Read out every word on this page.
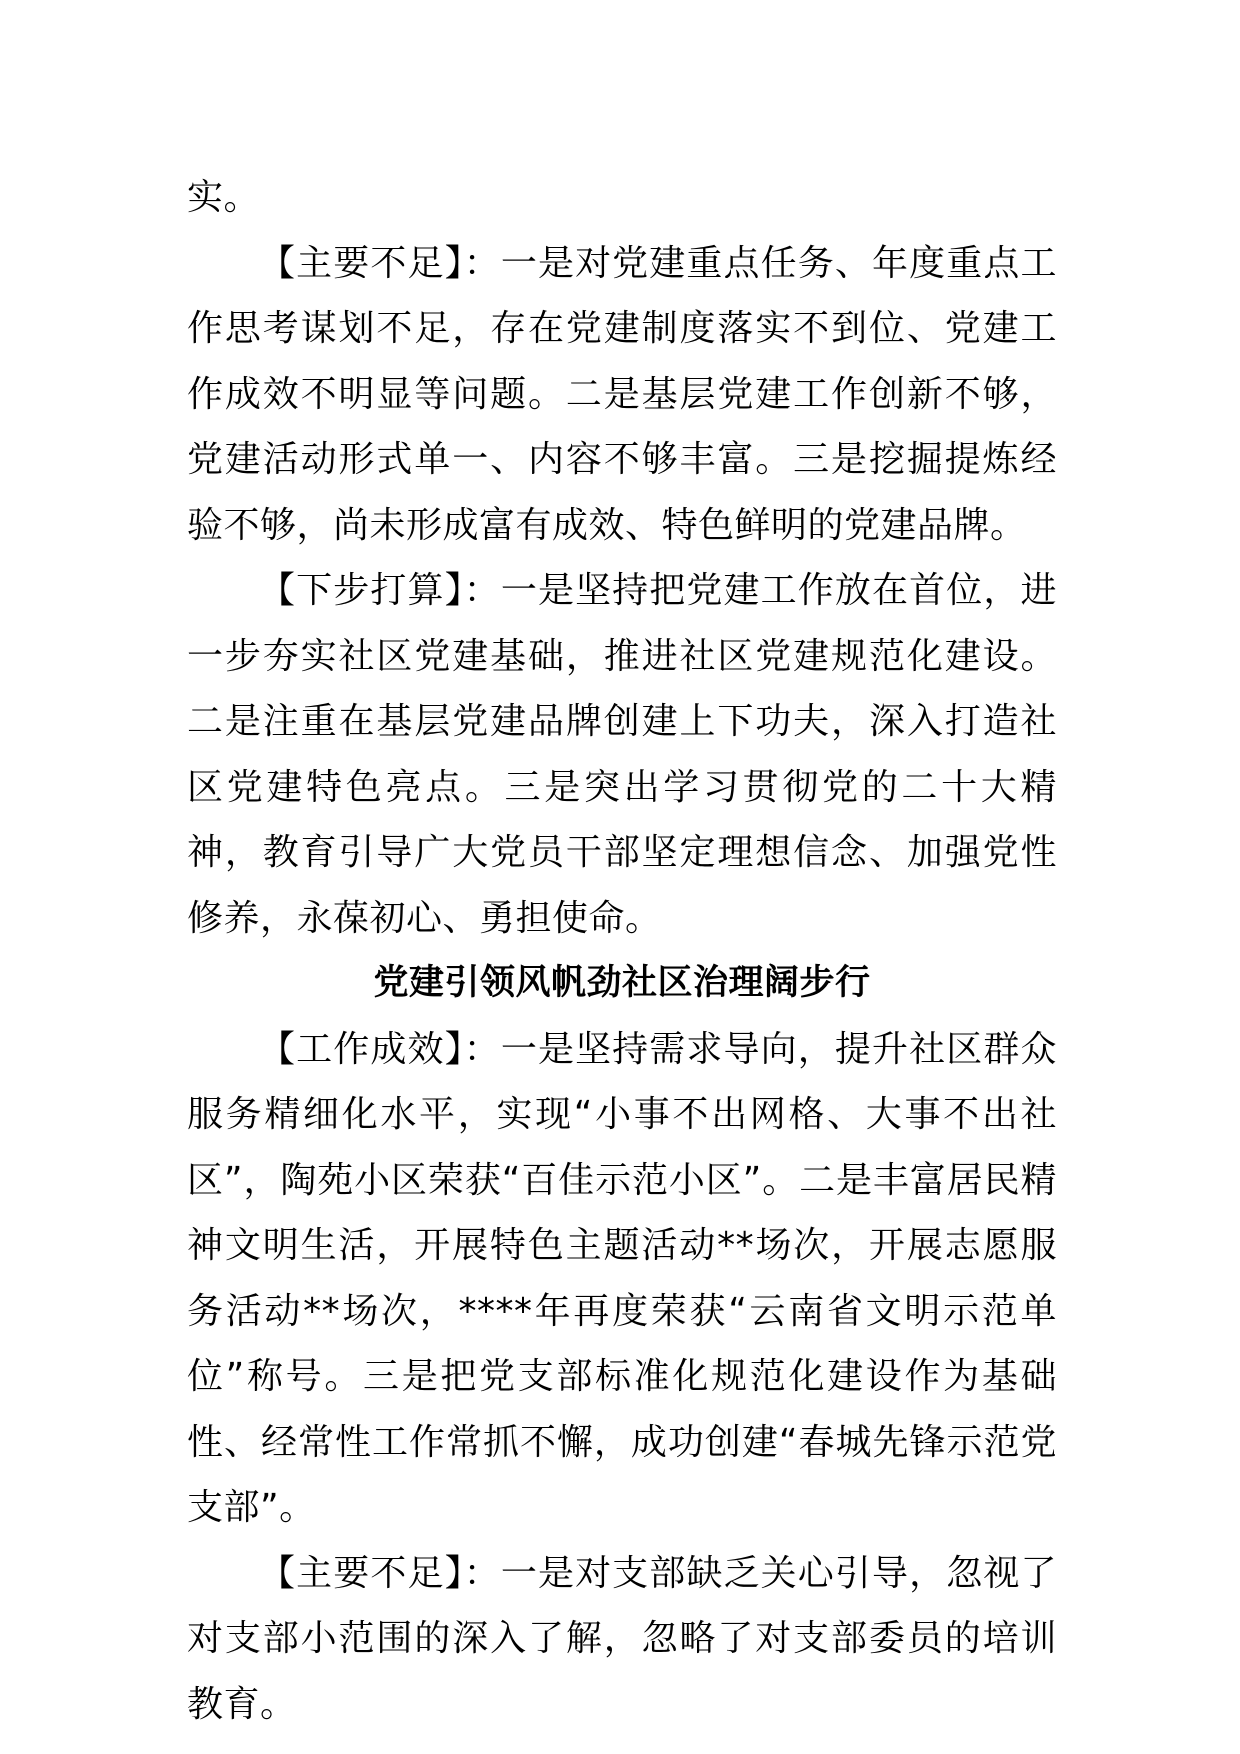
实。

【主要不足】：一是对党建重点任务、年度重点工作思考谋划不足，存在党建制度落实不到位、党建工作成效不明显等问题。二是基层党建工作创新不够，党建活动形式单一、内容不够丰富。三是挖掘提炼经验不够，尚未形成富有成效、特色鲜明的党建品牌。

【下步打算】：一是坚持把党建工作放在首位，进一步夯实社区党建基础，推进社区党建规范化建设。二是注重在基层党建品牌创建上下功夫，深入打造社区党建特色亮点。三是突出学习贯彻党的二十大精神，教育引导广大党员干部坚定理想信念、加强党性修养，永葆初心、勇担使命。

党建引领风帆劲社区治理阔步行

【工作成效】：一是坚持需求导向，提升社区群众服务精细化水平，实现“小事不出网格、大事不出社区”，陶苑小区荣获“百佳示范小区”。二是丰富居民精神文明生活，开展特色主题活动**场次，开展志愿服务活动**场次，****年再度荣获“云南省文明示范单位”称号。三是把党支部标准化规范化建设作为基础性、经常性工作常抓不懈，成功创建“春城先锋示范党支部”。

【主要不足】：一是对支部缺乏关心引导，忽视了对支部小范围的深入了解，忽略了对支部委员的培训教育。
